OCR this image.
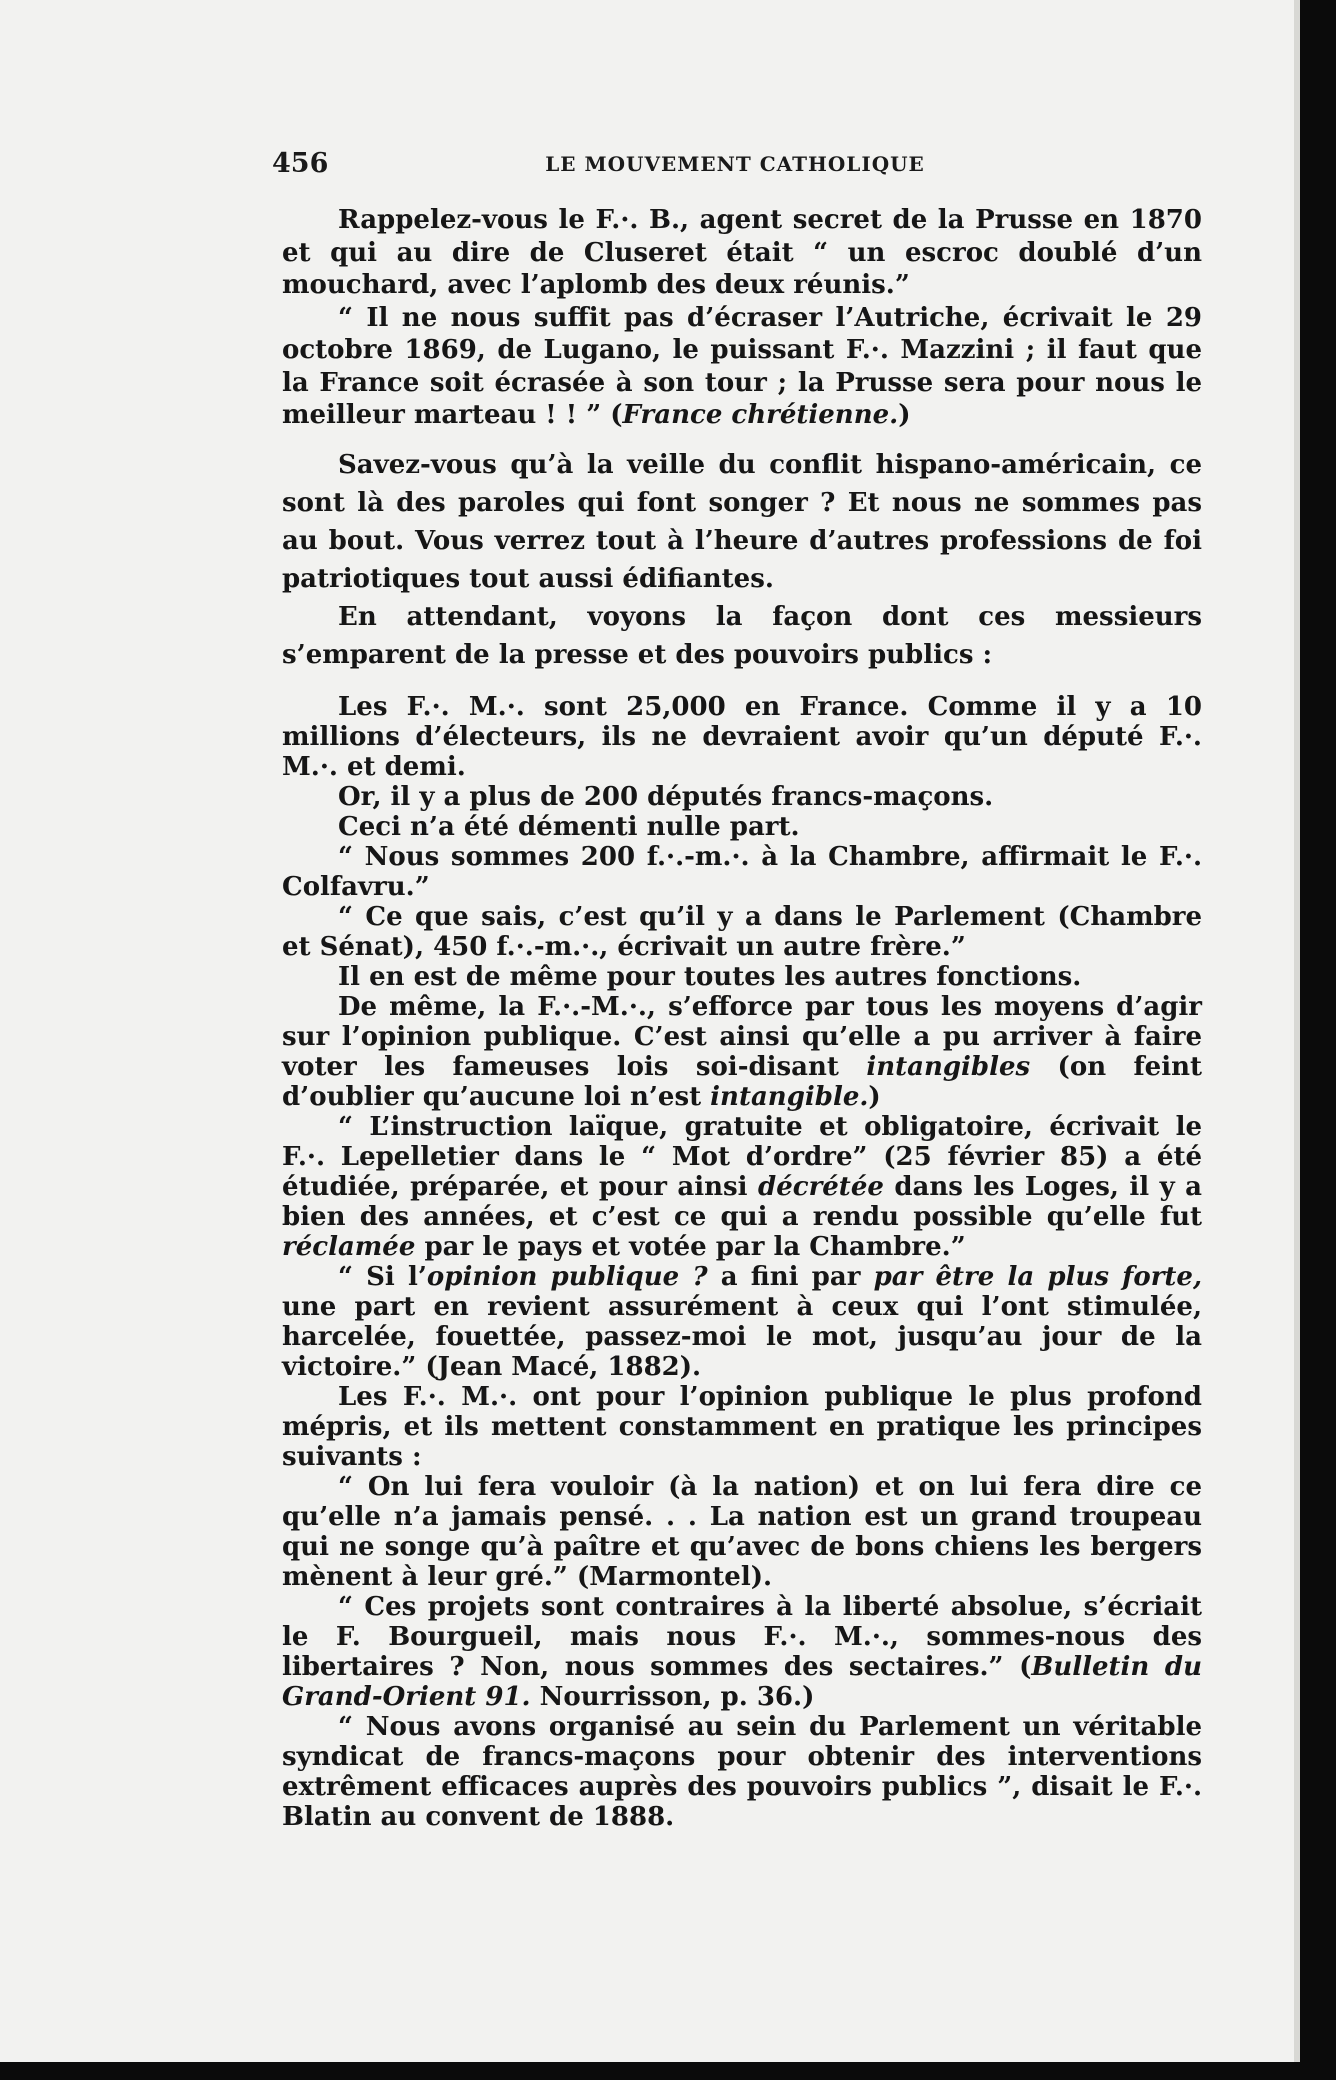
456	LE MOUVEMENT CATHOLIQUE

Rappelez-vous le F.·. B., agent secret de la Prusse en 1870 et qui au dire de Cluseret était “ un escroc doublé d’un mouchard, avec l’aplomb des deux réunis.”

“ Il ne nous suffit pas d’écraser l’Autriche, écrivait le 29 octobre 1869, de Lugano, le puissant F.·. Mazzini ; il faut que la France soit écrasée à son tour ; la Prusse sera pour nous le meilleur marteau ! ! ” (France chrétienne.)

Savez-vous qu’à la veille du conflit hispano-américain, ce sont là des paroles qui font songer ? Et nous ne sommes pas au bout. Vous verrez tout à l’heure d’autres professions de foi patriotiques tout aussi édifiantes.

En attendant, voyons la façon dont ces messieurs s’emparent de la presse et des pouvoirs publics :

Les F.·. M.·. sont 25,000 en France. Comme il y a 10 millions d’électeurs, ils ne devraient avoir qu’un député F.·. M.·. et demi.

Or, il y a plus de 200 députés francs-maçons.

Ceci n’a été démenti nulle part.

“ Nous sommes 200 f.·.-m.·. à la Chambre, affirmait le F.·. Colfavru.”

“ Ce que sais, c’est qu’il y a dans le Parlement (Chambre et Sénat), 450 f.·.-m.·., écrivait un autre frère.”

Il en est de même pour toutes les autres fonctions.

De même, la F.·.-M.·., s’efforce par tous les moyens d’agir sur l’opinion publique. C’est ainsi qu’elle a pu arriver à faire voter les fameuses lois soi-disant intangibles (on feint d’oublier qu’aucune loi n’est intangible.)

“ L’instruction laïque, gratuite et obligatoire, écrivait le F.·. Lepelletier dans le “ Mot d’ordre” (25 février 85) a été étudiée, préparée, et pour ainsi décrétée dans les Loges, il y a bien des années, et c’est ce qui a rendu possible qu’elle fut réclamée par le pays et votée par la Chambre.”

“ Si l’opinion publique ? a fini par par être la plus forte, une part en revient assurément à ceux qui l’ont stimulée, harcelée, fouettée, passez-moi le mot, jusqu’au jour de la victoire.” (Jean Macé, 1882).

Les F.·. M.·. ont pour l’opinion publique le plus profond mépris, et ils mettent constamment en pratique les principes suivants :

“ On lui fera vouloir (à la nation) et on lui fera dire ce qu’elle n’a jamais pensé. . . La nation est un grand troupeau qui ne songe qu’à paître et qu’avec de bons chiens les bergers mènent à leur gré.” (Marmontel).

“ Ces projets sont contraires à la liberté absolue, s’écriait le F. Bourgueil, mais nous F.·. M.·., sommes-nous des libertaires ? Non, nous sommes des sectaires.” (Bulletin du Grand-Orient 91. Nourrisson, p. 36.)

“ Nous avons organisé au sein du Parlement un véritable syndicat de francs-maçons pour obtenir des interventions extrêment efficaces auprès des pouvoirs publics ”, disait le F.·. Blatin au convent de 1888.
